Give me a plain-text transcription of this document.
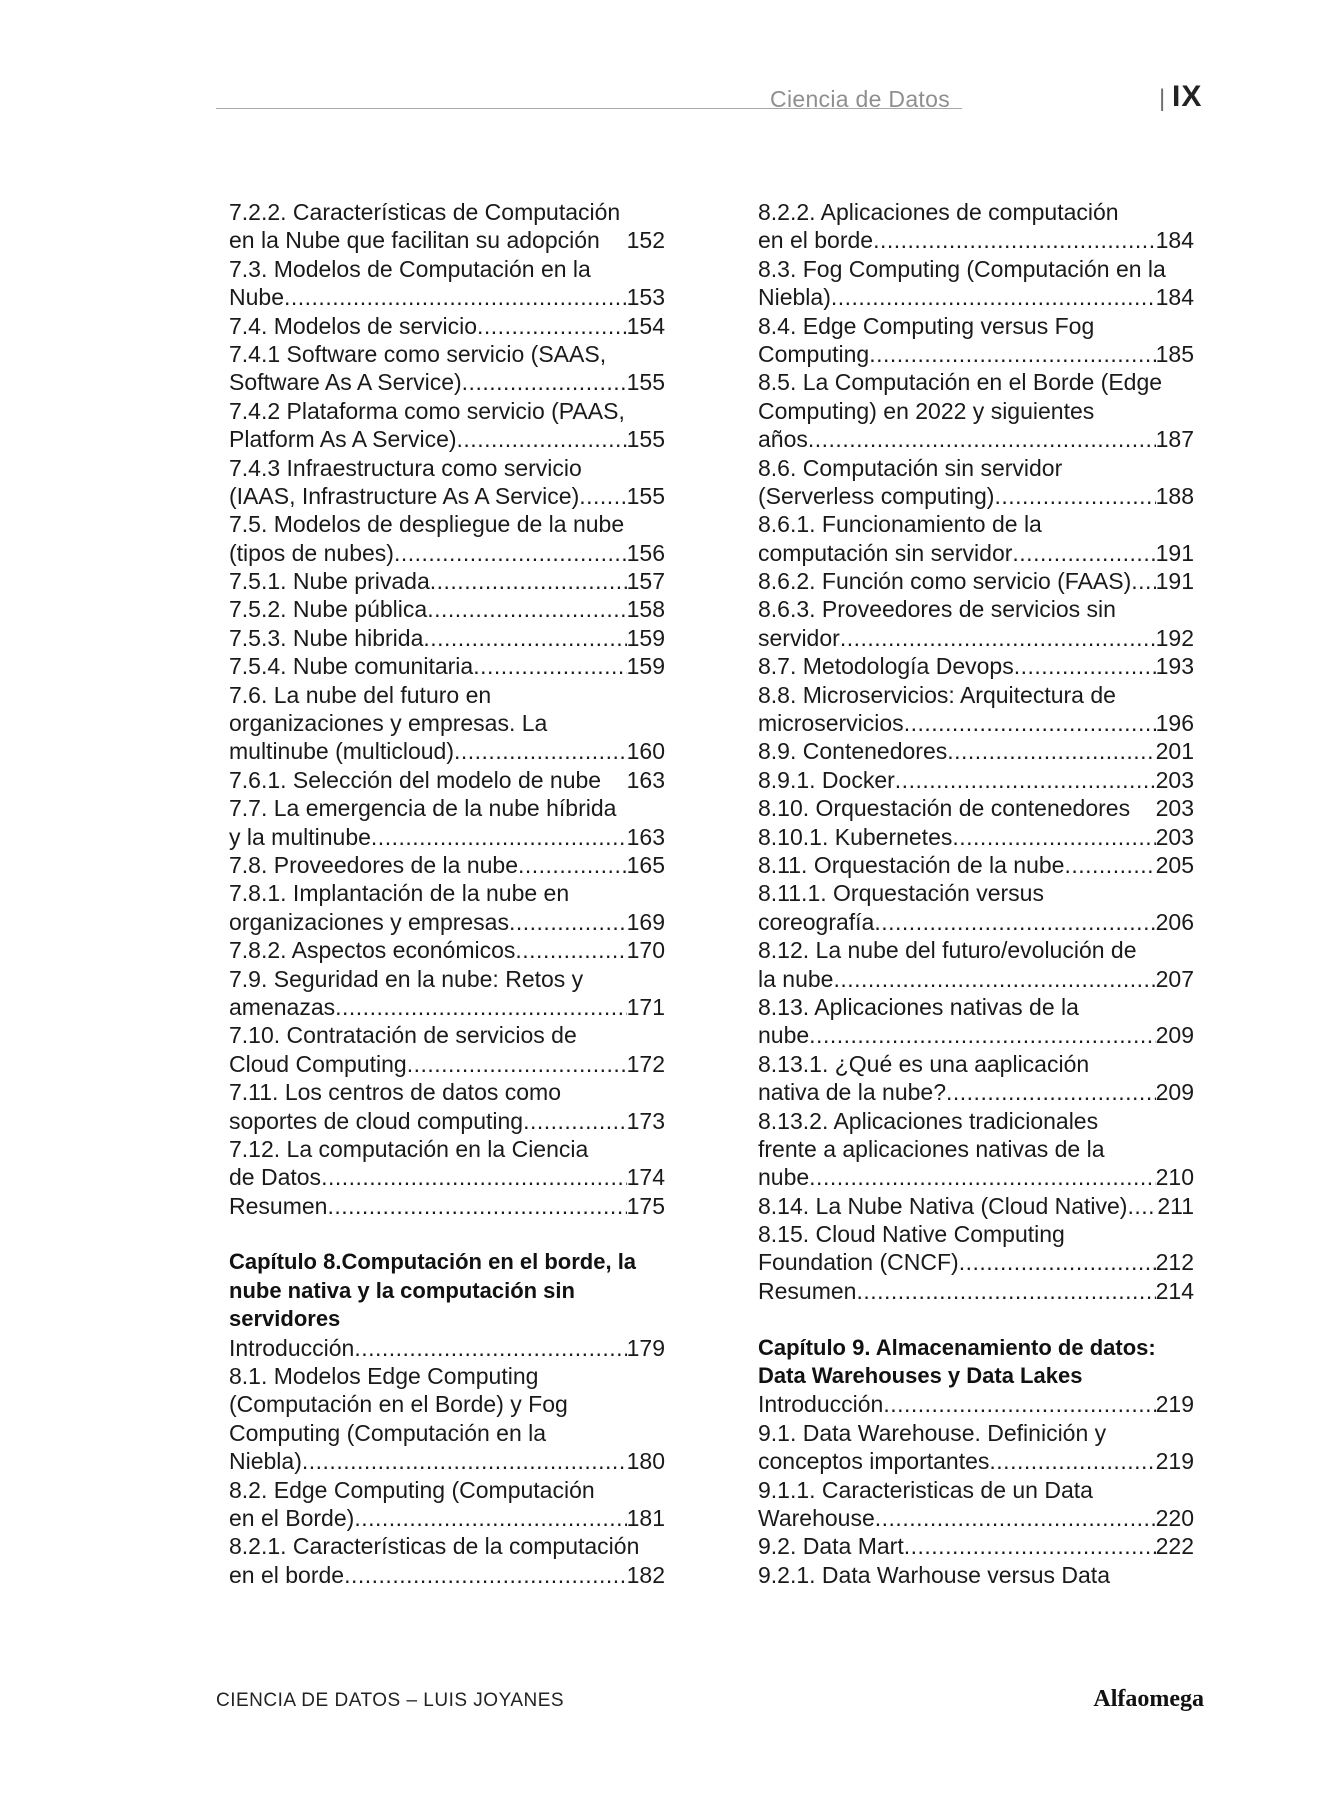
Ciencia de Datos	| IX
7.2.2. Características de Computación
en la Nube que facilitan su adopción 152
7.3. Modelos de Computación en la
Nube .....	153
7.4. Modelos de servicio .....	154
7.4.1 Software como servicio (SAAS,
Software As A Service) .....	155
7.4.2 Plataforma como servicio (PAAS,
Platform As A Service) .....	155
7.4.3 Infraestructura como servicio
(IAAS, Infrastructure As A Service) ..... 155
7.5. Modelos de despliegue de la nube
(tipos de nubes) .....	156
7.5.1. Nube privada .....	157
7.5.2. Nube pública .....	158
7.5.3. Nube hibrida .....	159
7.5.4. Nube comunitaria .....	159
7.6. La nube del futuro en
organizaciones y empresas. La
multinube (multicloud) .....	160
7.6.1. Selección del modelo de nube 163
7.7. La emergencia de la nube híbrida
y la multinube .....	163
7.8. Proveedores de la nube .....	165
7.8.1. Implantación de la nube en
organizaciones y empresas .....	169
7.8.2. Aspectos económicos .....	170
7.9. Seguridad en la nube: Retos y
amenazas .....	171
7.10. Contratación de servicios de
Cloud Computing .....	172
7.11. Los centros de datos como
soportes de cloud computing .....	173
7.12. La computación en la Ciencia
de Datos .....	174
Resumen .....	175
Capítulo 8.Computación en el borde, la
nube nativa y la computación sin
servidores
Introducción .....	179
8.1. Modelos Edge Computing
(Computación en el Borde) y Fog
Computing (Computación en la
Niebla) .....	180
8.2. Edge Computing (Computación
en el Borde) .....	181
8.2.1. Características de la computación
en el borde .....	182
8.2.2. Aplicaciones de computación
en el borde .....	184
8.3. Fog Computing (Computación en la
Niebla) .....	184
8.4. Edge Computing versus Fog
Computing .....	185
8.5. La Computación en el Borde (Edge
Computing) en 2022 y siguientes
años .....	187
8.6. Computación sin servidor
(Serverless computing) .....	188
8.6.1. Funcionamiento de la
computación sin servidor .....	191
8.6.2. Función como servicio (FAAS) ..... 191
8.6.3. Proveedores de servicios sin
servidor .....	192
8.7. Metodología Devops .....	193
8.8. Microservicios: Arquitectura de
microservicios .....	196
8.9. Contenedores .....	201
8.9.1. Docker .....	203
8.10. Orquestación de contenedores 203
8.10.1. Kubernetes .....	203
8.11. Orquestación de la nube .....	205
8.11.1. Orquestación versus
coreografía .....	206
8.12. La nube del futuro/evolución de
la nube .....	207
8.13. Aplicaciones nativas de la
nube .....	209
8.13.1. ¿Qué es una aaplicación
nativa de la nube? .....	209
8.13.2. Aplicaciones tradicionales
frente a aplicaciones nativas de la
nube .....	210
8.14. La Nube Nativa (Cloud Native) ..... 211
8.15. Cloud Native Computing
Foundation (CNCF) .....	212
Resumen .....	214
Capítulo 9. Almacenamiento de datos:
Data Warehouses y Data Lakes
Introducción .....	219
9.1. Data Warehouse. Definición y
conceptos importantes .....	219
9.1.1. Caracteristicas de un Data
Warehouse .....	220
9.2. Data Mart .....	222
9.2.1. Data Warhouse versus Data
CIENCIA DE DATOS – LUIS JOYANES	Alfaomega
